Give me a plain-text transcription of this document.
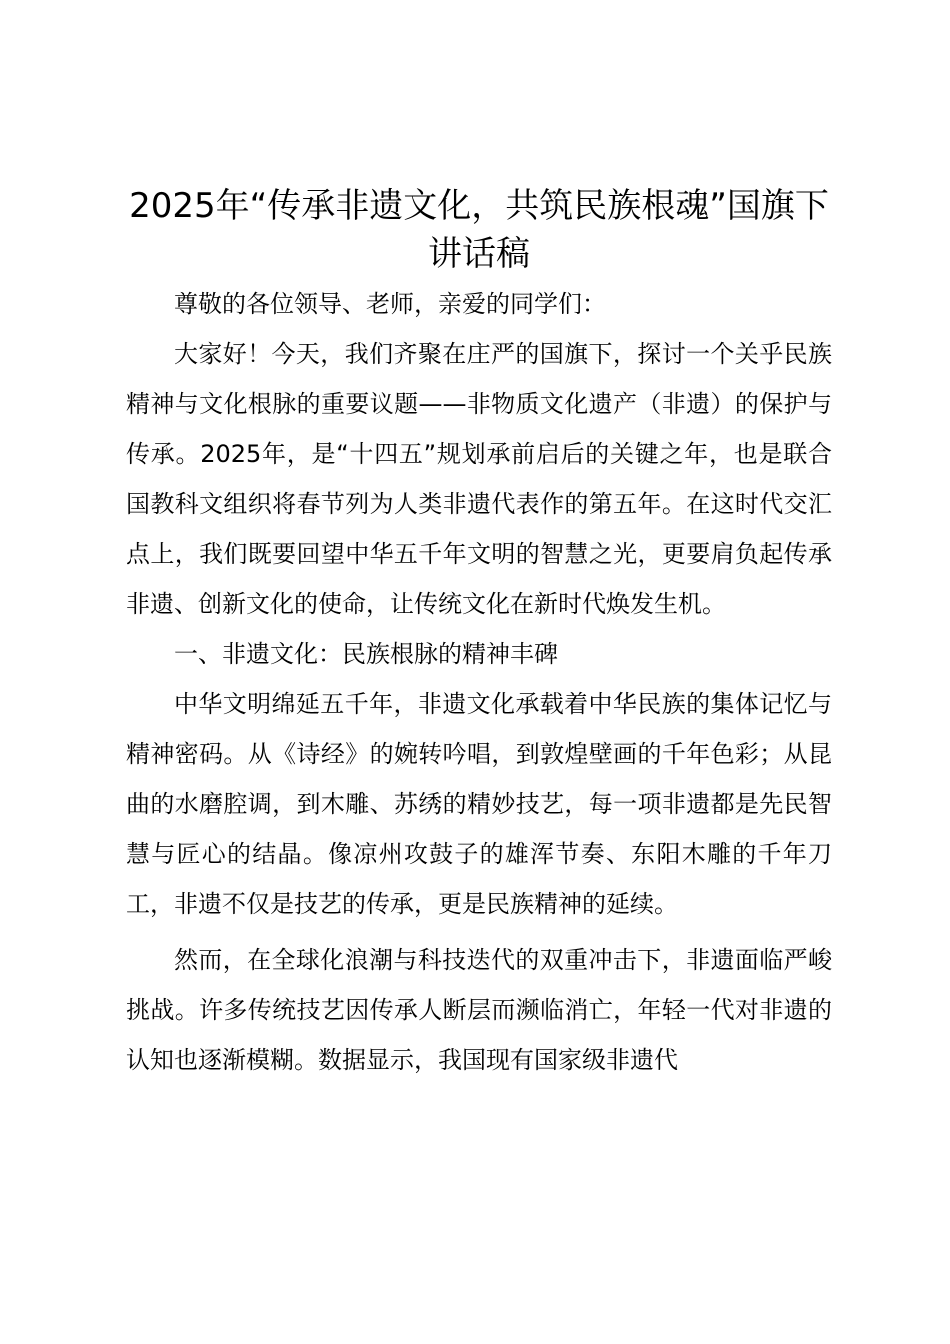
2025年“传承非遗文化，共筑民族根魂”国旗下讲话稿

尊敬的各位领导、老师，亲爱的同学们：

大家好！今天，我们齐聚在庄严的国旗下，探讨一个关乎民族精神与文化根脉的重要议题——非物质文化遗产（非遗）的保护与传承。2025年，是“十四五”规划承前启后的关键之年，也是联合国教科文组织将春节列为人类非遗代表作的第五年。在这时代交汇点上，我们既要回望中华五千年文明的智慧之光，更要肩负起传承非遗、创新文化的使命，让传统文化在新时代焕发生机。

一、非遗文化：民族根脉的精神丰碑

中华文明绵延五千年，非遗文化承载着中华民族的集体记忆与精神密码。从《诗经》的婉转吟唱，到敦煌壁画的千年色彩；从昆曲的水磨腔调，到木雕、苏绣的精妙技艺，每一项非遗都是先民智慧与匠心的结晶。像凉州攻鼓子的雄浑节奏、东阳木雕的千年刀工，非遗不仅是技艺的传承，更是民族精神的延续。

然而，在全球化浪潮与科技迭代的双重冲击下，非遗面临严峻挑战。许多传统技艺因传承人断层而濒临消亡，年轻一代对非遗的认知也逐渐模糊。数据显示，我国现有国家级非遗代
